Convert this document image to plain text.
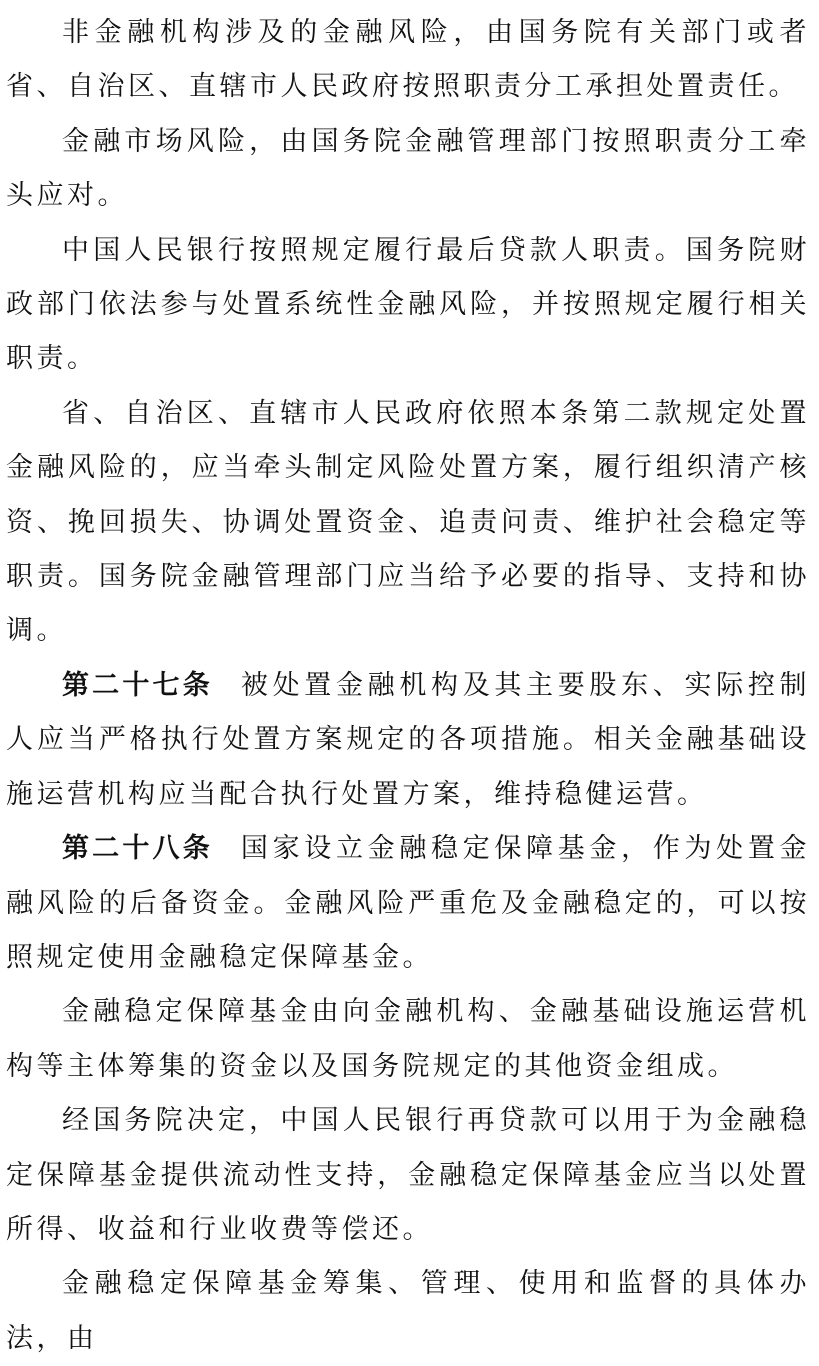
非金融机构涉及的金融风险，由国务院有关部门或者省、自治区、直辖市人民政府按照职责分工承担处置责任。

金融市场风险，由国务院金融管理部门按照职责分工牵头应对。

中国人民银行按照规定履行最后贷款人职责。国务院财政部门依法参与处置系统性金融风险，并按照规定履行相关职责。

省、自治区、直辖市人民政府依照本条第二款规定处置金融风险的，应当牵头制定风险处置方案，履行组织清产核资、挽回损失、协调处置资金、追责问责、维护社会稳定等职责。国务院金融管理部门应当给予必要的指导、支持和协调。

第二十七条 被处置金融机构及其主要股东、实际控制人应当严格执行处置方案规定的各项措施。相关金融基础设施运营机构应当配合执行处置方案，维持稳健运营。

第二十八条 国家设立金融稳定保障基金，作为处置金融风险的后备资金。金融风险严重危及金融稳定的，可以按照规定使用金融稳定保障基金。

金融稳定保障基金由向金融机构、金融基础设施运营机构等主体筹集的资金以及国务院规定的其他资金组成。

经国务院决定，中国人民银行再贷款可以用于为金融稳定保障基金提供流动性支持，金融稳定保障基金应当以处置所得、收益和行业收费等偿还。

金融稳定保障基金筹集、管理、使用和监督的具体办法，由
